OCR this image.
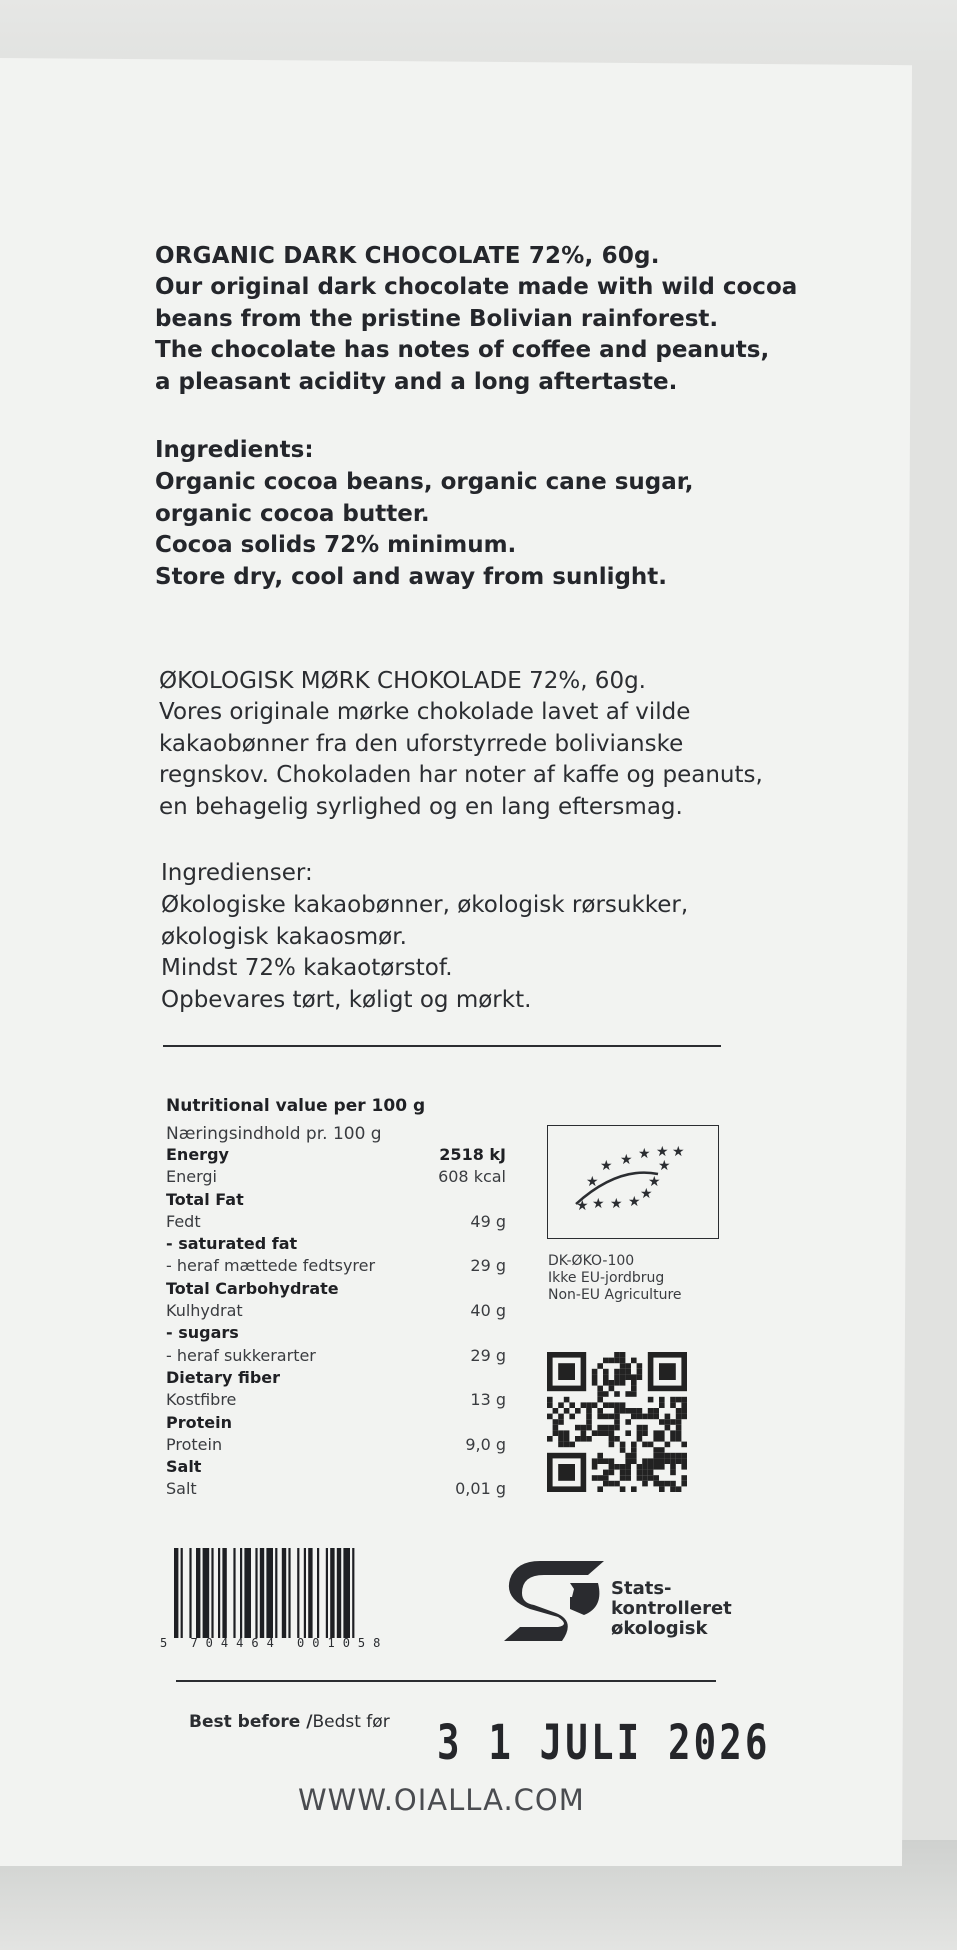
ORGANIC DARK CHOCOLATE 72%, 60g.
Our original dark chocolate made with wild cocoa
beans from the pristine Bolivian rainforest.
The chocolate has notes of coffee and peanuts,
a pleasant acidity and a long aftertaste.
Ingredients:
Organic cocoa beans, organic cane sugar,
organic cocoa butter.
Cocoa solids 72% minimum.
Store dry, cool and away from sunlight.
ØKOLOGISK MØRK CHOKOLADE 72%, 60g.
Vores originale mørke chokolade lavet af vilde
kakaobønner fra den uforstyrrede bolivianske
regnskov. Chokoladen har noter af kaffe og peanuts,
en behagelig syrlighed og en lang eftersmag.
Ingredienser:
Økologiske kakaobønner, økologisk rørsukker,
økologisk kakaosmør.
Mindst 72% kakaotørstof.
Opbevares tørt, køligt og mørkt.
Nutritional value per 100 g
Næringsindhold pr. 100 g
Energy	2518 kJ
Energi	608 kcal
Total Fat
Fedt	49 g
- saturated fat
- heraf mættede fedtsyrer	29 g
Total Carbohydrate
Kulhydrat	40 g
- sugars
- heraf sukkerarter	29 g
Dietary fiber
Kostfibre	13 g
Protein
Protein	9,0 g
Salt
Salt	0,01 g
★ ★ ★ ★ ★
★
★
★
★
★
★
★
★
DK-ØKO-100
Ikke EU-jordbrug
Non-EU Agriculture
5 704464 001058
Stats-
kontrolleret
økologisk
Best before /Bedst før 3 1 JULI 2026
WWW.OIALLA.COM
